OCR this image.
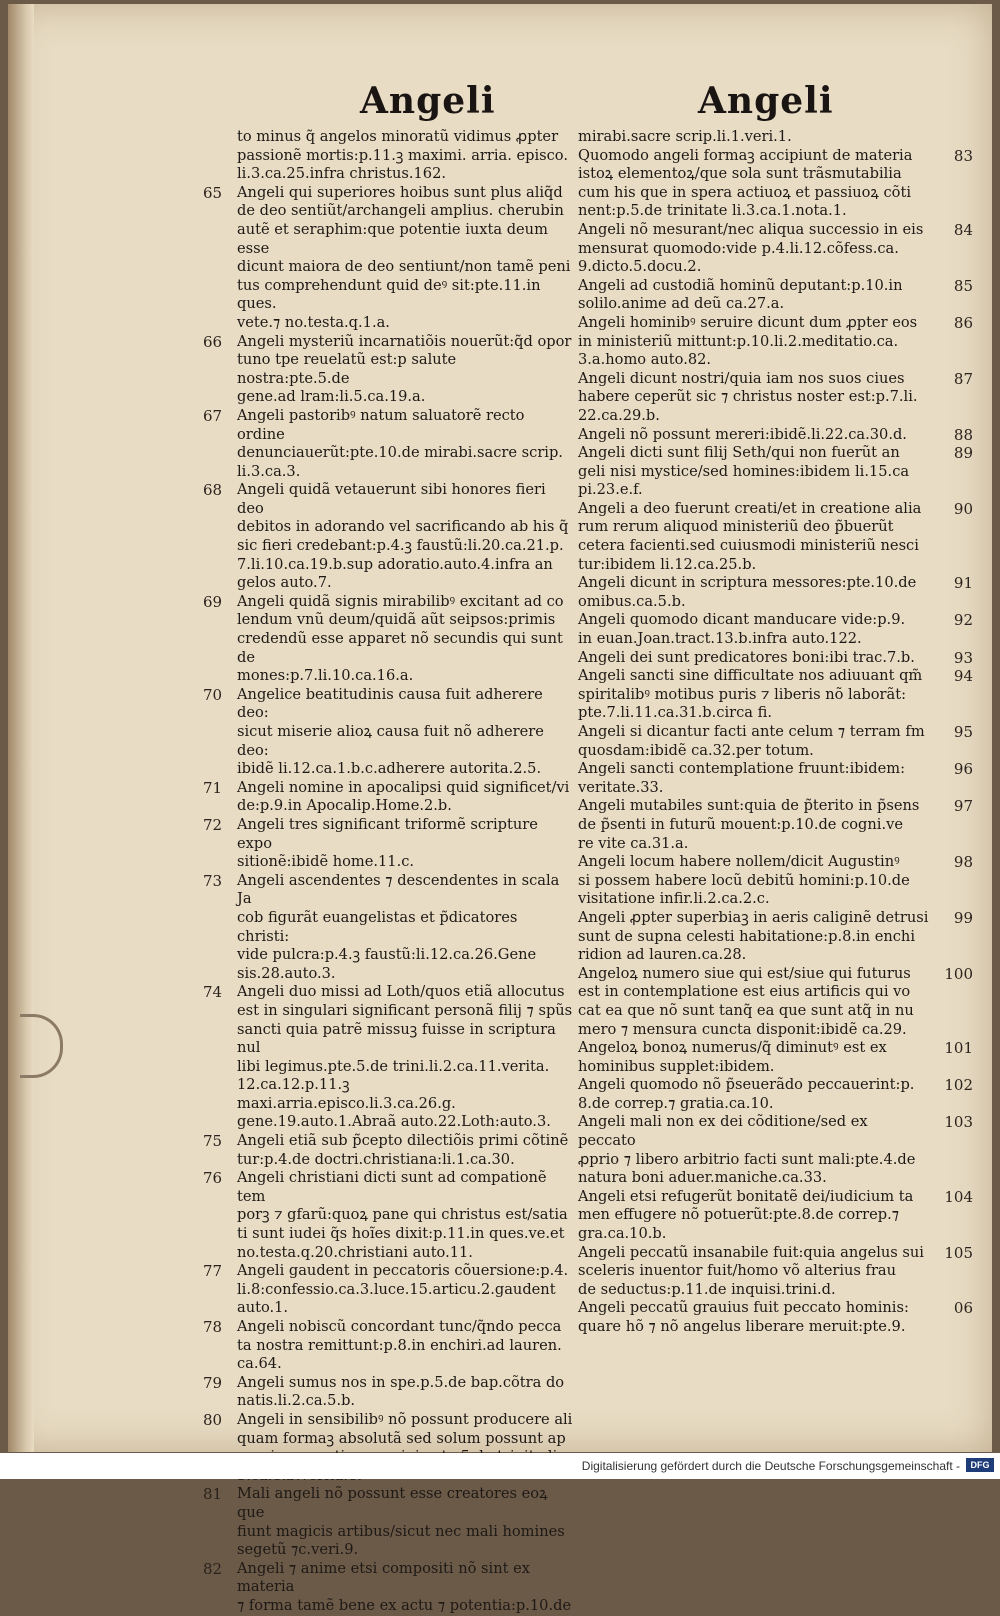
Angeli	Angeli
to minus q̃ angelos minoratũ vidimus ꝓpter
passionẽ mortis:p.11.ꝫ maximi. arria. episco.
li.3.ca.25.infra christus.162.
65 Angeli qui superiores hoibus sunt plus aliq̃d
de deo sentiũt/archangeli amplius. cherubin
autẽ et seraphim:que potentie iuxta deum esse
dicunt maiora de deo sentiunt/non tamẽ peni
tus comprehendunt quid deꝰ sit:pte.11.in ques.
vete.⁊ no.testa.q.1.a.
66 Angeli mysteriũ incarnatiõis nouerũt:q̃d opor
tuno tpe reuelatũ est:p salute nostra:pte.5.de
gene.ad lram:li.5.ca.19.a.
67 Angeli pastoribꝰ natum saluatorẽ recto ordine
denunciauerũt:pte.10.de mirabi.sacre scrip.
li.3.ca.3.
68 Angeli quidã vetauerunt sibi honores fieri deo
debitos in adorando vel sacrificando ab his q̃
sic fieri credebant:p.4.ꝫ faustũ:li.20.ca.21.p.
7.li.10.ca.19.b.sup adoratio.auto.4.infra an
gelos auto.7.
69 Angeli quidã signis mirabilibꝰ excitant ad co
lendum vnũ deum/quidã aũt seipsos:primis
credendũ esse apparet nõ secundis qui sunt de
mones:p.7.li.10.ca.16.a.
70 Angelice beatitudinis causa fuit adherere deo:
sicut miserie alioꝝ causa fuit nõ adherere deo:
ibidẽ li.12.ca.1.b.c.adherere autorita.2.5.
71 Angeli nomine in apocalipsi quid significet/vi
de:p.9.in Apocalip.Home.2.b.
72 Angeli tres significant triformẽ scripture expo
sitionẽ:ibidẽ home.11.c.
73 Angeli ascendentes ⁊ descendentes in scala Ja
cob figurãt euangelistas et p̃dicatores christi:
vide pulcra:p.4.ꝫ faustũ:li.12.ca.26.Gene
sis.28.auto.3.
74 Angeli duo missi ad Loth/quos etiã allocutus
est in singulari significant personã filij ⁊ spũs
sancti quia patrẽ missuꝫ fuisse in scriptura nul
libi legimus.pte.5.de trini.li.2.ca.11.verita.
12.ca.12.p.11.ꝫ maxi.arria.episco.li.3.ca.26.g.
gene.19.auto.1.Abraã auto.22.Loth:auto.3.
75 Angeli etiã sub p̃cepto dilectiõis primi cõtinẽ
tur:p.4.de doctri.christiana:li.1.ca.30.
76 Angeli christiani dicti sunt ad compationẽ tem
porꝫ ⁊ gfarũ:quoꝝ pane qui christus est/satia
ti sunt iudei q̃s hoĩes dixit:p.11.in ques.ve.et
no.testa.q.20.christiani auto.11.
77 Angeli gaudent in peccatoris cõuersione:p.4.
li.8:confessio.ca.3.luce.15.articu.2.gaudent
auto.1.
78 Angeli nobiscũ concordant tunc/q̃ndo pecca
ta nostra remittunt:p.8.in enchiri.ad lauren.
ca.64.
79 Angeli sumus nos in spe.p.5.de bap.cõtra do
natis.li.2.ca.5.b.
80 Angeli in sensibilibꝰ nõ possunt producere ali
quam formaꝫ absolutã sed solum possunt ap

81 Mali angeli nõ possunt esse creatores eoꝝ que
fiunt magicis artibus/sicut nec mali homines
segetũ ⁊c.veri.9.
82 Angeli ⁊ anime etsi compositi nõ sint ex materia
⁊ forma tamẽ bene ex actu ⁊ potentia:p.10.de
mirabi.sacre scrip.li.1.veri.1.
83
Quomodo angeli formaꝫ accipiunt de materia
istoꝝ elementoꝝ/que sola sunt trãsmutabilia
cum his que in spera actiuoꝝ et passiuoꝝ cõti
nent:p.5.de trinitate li.3.ca.1.nota.1.
84
Angeli nõ mesurant/nec aliqua successio in eis
mensurat quomodo:vide p.4.li.12.cõfess.ca.
9.dicto.5.docu.2.
85
Angeli ad custodiã hominũ deputant:p.10.in
solilo.anime ad deũ ca.27.a.
86
Angeli hominibꝰ seruire dicunt dum ꝓpter eos
in ministeriũ mittunt:p.10.li.2.meditatio.ca.
3.a.homo auto.82.
87
Angeli dicunt nostri/quia iam nos suos ciues
habere ceperũt sic ⁊ christus noster est:p.7.li.
22.ca.29.b.
88
Angeli nõ possunt mereri:ibidẽ.li.22.ca.30.d.
89
Angeli dicti sunt filij Seth/qui non fuerũt an
geli nisi mystice/sed homines:ibidem li.15.ca
pi.23.e.f.
90
Angeli a deo fuerunt creati/et in creatione alia
rum rerum aliquod ministeriũ deo p̃buerũt
cetera facienti.sed cuiusmodi ministeriũ nesci
tur:ibidem li.12.ca.25.b.
91
Angeli dicunt in scriptura messores:pte.10.de
omibus.ca.5.b.
92
Angeli quomodo dicant manducare vide:p.9.
in euan.Joan.tract.13.b.infra auto.122.
93
Angeli dei sunt predicatores boni:ibi trac.7.b.
94
Angeli sancti sine difficultate nos adiuuant qm̃
spiritalibꝰ motibus puris ⁊ liberis nõ laborãt:
pte.7.li.11.ca.31.b.circa fi.
95
Angeli si dicantur facti ante celum ⁊ terram fm
quosdam:ibidẽ ca.32.per totum.
96
Angeli sancti contemplatione fruunt:ibidem:
veritate.33.
97
Angeli mutabiles sunt:quia de p̃terito in p̃sens
de p̃senti in futurũ mouent:p.10.de cogni.ve
re vite ca.31.a.
98
Angeli locum habere nollem/dicit Augustinꝰ
si possem habere locũ debitũ homini:p.10.de
visitatione infir.li.2.ca.2.c.
99
Angeli ꝓpter superbiaꝫ in aeris caliginẽ detrusi
sunt de supna celesti habitatione:p.8.in enchi
ridion ad lauren.ca.28.
100
Angeloꝝ numero siue qui est/siue qui futurus
est in contemplatione est eius artificis qui vo
cat ea que nõ sunt tanq̃ ea que sunt atq̃ in nu
mero ⁊ mensura cuncta disponit:ibidẽ ca.29.
101
Angeloꝝ bonoꝝ numerus/q̃ diminutꝰ est ex
hominibus supplet:ibidem.
102
Angeli quomodo nõ p̃seuerãdo peccauerint:p.
8.de correp.⁊ gratia.ca.10.
103
Angeli mali non ex dei cõditione/sed ex peccato
ꝓprio ⁊ libero arbitrio facti sunt mali:pte.4.de
natura boni aduer.maniche.ca.33.
104
Angeli etsi refugerũt bonitatẽ dei/iudicium ta
men effugere nõ potuerũt:pte.8.de correp.⁊
gra.ca.10.b.
105
Angeli peccatũ insanabile fuit:quia angelus sui
sceleris inuentor fuit/homo võ alterius frau
de seductus:p.11.de inquisi.trini.d.
06
Angeli peccatũ grauius fuit peccato hominis:
quare hõ ⁊ nõ angelus liberare meruit:pte.9.
Digitalisierung gefördert durch die Deutsche Forschungsgemeinschaft -	DFG
